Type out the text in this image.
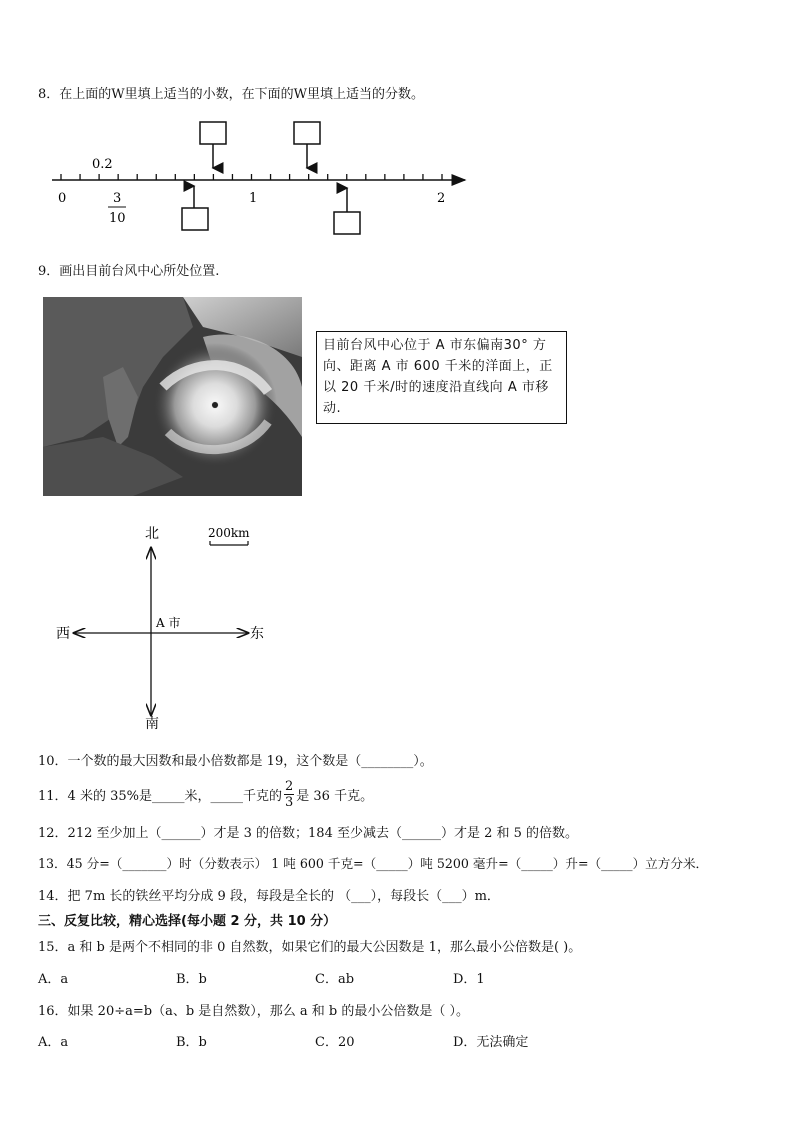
8．在上面的W里填上适当的小数，在下面的W里填上适当的分数。
0
0.2
3
10
1	2
9．画出目前台风中心所处位置.
目前台风中心位于 A 市东偏南30° 方向、距离 A 市 600 千米的洋面上，正以 20 千米/时的速度沿直线向 A 市移动.
北
南
东
西
A 市
200km
10．一个数的最大因数和最小倍数都是 19，这个数是（________）。
11．4 米的 35%是_____米，_____千克的
2
3 是 36 千克。
12．212 至少加上（______）才是 3 的倍数；184 至少减去（______）才是 2 和 5 的倍数。
13．45 分=（_______）时（分数表示） 1 吨 600 千克=（_____）吨 5200 毫升=（_____）升=（_____）立方分米．
14．把 7m 长的铁丝平均分成 9 段，每段是全长的 （___），每段长（___）m．
三、反复比较，精心选择(每小题 2 分，共 10 分）
15．a 和 b 是两个不相同的非 0 自然数，如果它们的最大公因数是 1，那么最小公倍数是( )。
A．a	B．b	C．ab	D．1
16．如果 20÷a=b（a、b 是自然数），那么 a 和 b 的最小公倍数是（ ）。
A．a	B．b	C．20	D．无法确定
